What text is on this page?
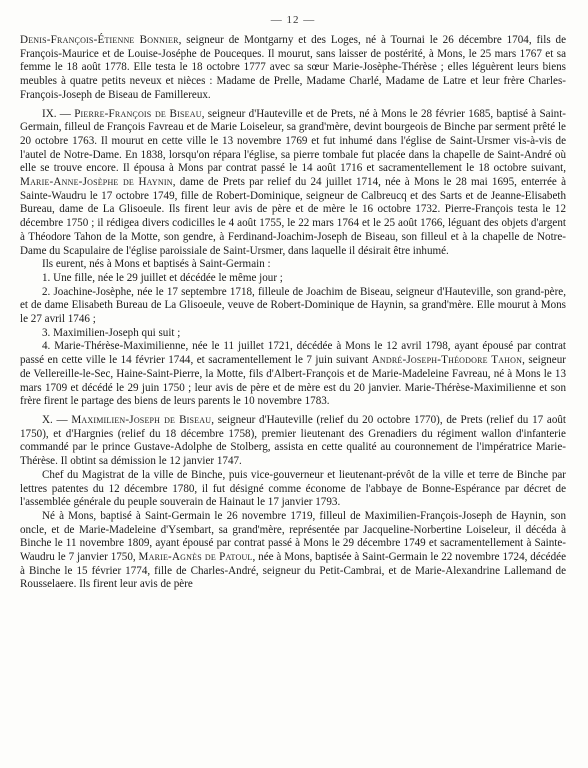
— 12 —

Denis-François-Étienne Bonnier, seigneur de Montgarny et des Loges, né à Tournai le 26 décembre 1704, fils de François-Maurice et de Louise-Joséphe de Pouceques. Il mourut, sans laisser de postérité, à Mons, le 25 mars 1767 et sa femme le 18 août 1778. Elle testa le 18 octobre 1777 avec sa sœur Marie-Josèphe-Thérèse ; elles léguèrent leurs biens meubles à quatre petits neveux et nièces : Madame de Prelle, Madame Charlé, Madame de Latre et leur frère Charles-François-Joseph de Biseau de Famillereux.

IX. — Pierre-François de Biseau, seigneur d'Hauteville et de Prets, né à Mons le 28 février 1685, baptisé à Saint-Germain, filleul de François Favreau et de Marie Loiseleur, sa grand'mère, devint bourgeois de Binche par serment prêté le 20 octobre 1763. Il mourut en cette ville le 13 novembre 1769 et fut inhumé dans l'église de Saint-Ursmer vis-à-vis de l'autel de Notre-Dame. En 1838, lorsqu'on répara l'église, sa pierre tombale fut placée dans la chapelle de Saint-André où elle se trouve encore. Il épousa à Mons par contrat passé le 14 août 1716 et sacramentellement le 18 octobre suivant, Marie-Anne-Josèphe de Haynin, dame de Prets par relief du 24 juillet 1714, née à Mons le 28 mai 1695, enterrée à Sainte-Waudru le 17 octobre 1749, fille de Robert-Dominique, seigneur de Calbreucq et des Sarts et de Jeanne-Elisabeth Bureau, dame de La Glisoeule. Ils firent leur avis de père et de mère le 16 octobre 1732. Pierre-François testa le 12 décembre 1750 ; il rédigea divers codicilles le 4 août 1755, le 22 mars 1764 et le 25 août 1766, léguant des objets d'argent à Théodore Tahon de la Motte, son gendre, à Ferdinand-Joachim-Joseph de Biseau, son filleul et à la chapelle de Notre-Dame du Scapulaire de l'église paroissiale de Saint-Ursmer, dans laquelle il désirait être inhumé.

Ils eurent, nés à Mons et baptisés à Saint-Germain :

1. Une fille, née le 29 juillet et décédée le même jour ;

2. Joachine-Josèphe, née le 17 septembre 1718, filleule de Joachim de Biseau, seigneur d'Hauteville, son grand-père, et de dame Elisabeth Bureau de La Glisoeule, veuve de Robert-Dominique de Haynin, sa grand'mère. Elle mourut à Mons le 27 avril 1746 ;

3. Maximilien-Joseph qui suit ;

4. Marie-Thérèse-Maximilienne, née le 11 juillet 1721, décédée à Mons le 12 avril 1798, ayant épousé par contrat passé en cette ville le 14 février 1744, et sacramentellement le 7 juin suivant André-Joseph-Théodore Tahon, seigneur de Vellereille-le-Sec, Haine-Saint-Pierre, la Motte, fils d'Albert-François et de Marie-Madeleine Favreau, né à Mons le 13 mars 1709 et décédé le 29 juin 1750 ; leur avis de père et de mère est du 20 janvier. Marie-Thérèse-Maximilienne et son frère firent le partage des biens de leurs parents le 10 novembre 1783.

X. — Maximilien-Joseph de Biseau, seigneur d'Hauteville (relief du 20 octobre 1770), de Prets (relief du 17 août 1750), et d'Hargnies (relief du 18 décembre 1758), premier lieutenant des Grenadiers du régiment wallon d'infanterie commandé par le prince Gustave-Adolphe de Stolberg, assista en cette qualité au couronnement de l'impératrice Marie-Thérèse. Il obtint sa démission le 12 janvier 1747.

Chef du Magistrat de la ville de Binche, puis vice-gouverneur et lieutenant-prévôt de la ville et terre de Binche par lettres patentes du 12 décembre 1780, il fut désigné comme économe de l'abbaye de Bonne-Espérance par décret de l'assemblée générale du peuple souverain de Hainaut le 17 janvier 1793.

Né à Mons, baptisé à Saint-Germain le 26 novembre 1719, filleul de Maximilien-François-Joseph de Haynin, son oncle, et de Marie-Madeleine d'Ysembart, sa grand'mère, représentée par Jacqueline-Norbertine Loiseleur, il décéda à Binche le 11 novembre 1809, ayant épousé par contrat passé à Mons le 29 décembre 1749 et sacramentellement à Sainte-Waudru le 7 janvier 1750, Marie-Agnès de Patoul, née à Mons, baptisée à Saint-Germain le 22 novembre 1724, décédée à Binche le 15 février 1774, fille de Charles-André, seigneur du Petit-Cambrai, et de Marie-Alexandrine Lallemand de Rousselaere. Ils firent leur avis de père
